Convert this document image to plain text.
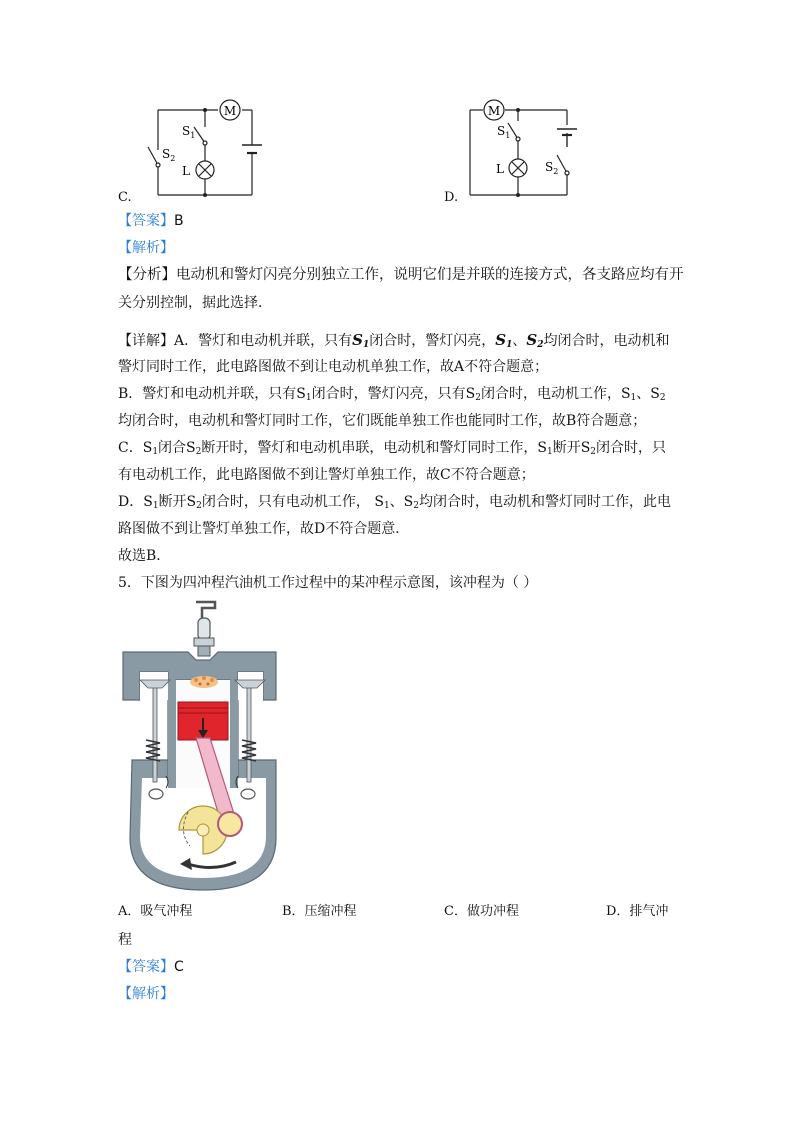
M
$S_1$
$S_2$
L
C.
M
$S_1$
$S_2$
L
D.
【答案】B
【解析】
【分析】电动机和警灯闪亮分别独立工作，说明它们是并联的连接方式，各支路应均有开
关分别控制，据此选择．
【详解】A．警灯和电动机并联，只有$S_1$闭合时，警灯闪亮，$S_1$、$S_2$均闭合时，电动机和
警灯同时工作，此电路图做不到让电动机单独工作，故A不符合题意；
B．警灯和电动机并联，只有$S_1$闭合时，警灯闪亮，只有$S_2$闭合时，电动机工作，$S_1$、$S_2$
均闭合时，电动机和警灯同时工作，它们既能单独工作也能同时工作，故B符合题意；
C．$S_1$闭合$S_2$断开时，警灯和电动机串联，电动机和警灯同时工作，$S_1$断开$S_2$闭合时，只
有电动机工作，此电路图做不到让警灯单独工作，故C不符合题意；
D．$S_1$断开$S_2$闭合时，只有电动机工作， $S_1$、$S_2$均闭合时，电动机和警灯同时工作，此电
路图做不到让警灯单独工作，故D不符合题意．
故选B．
5．下图为四冲程汽油机工作过程中的某冲程示意图，该冲程为（ ）
A．吸气冲程	B．压缩冲程	C．做功冲程	D．排气冲
程
【答案】C
【解析】
